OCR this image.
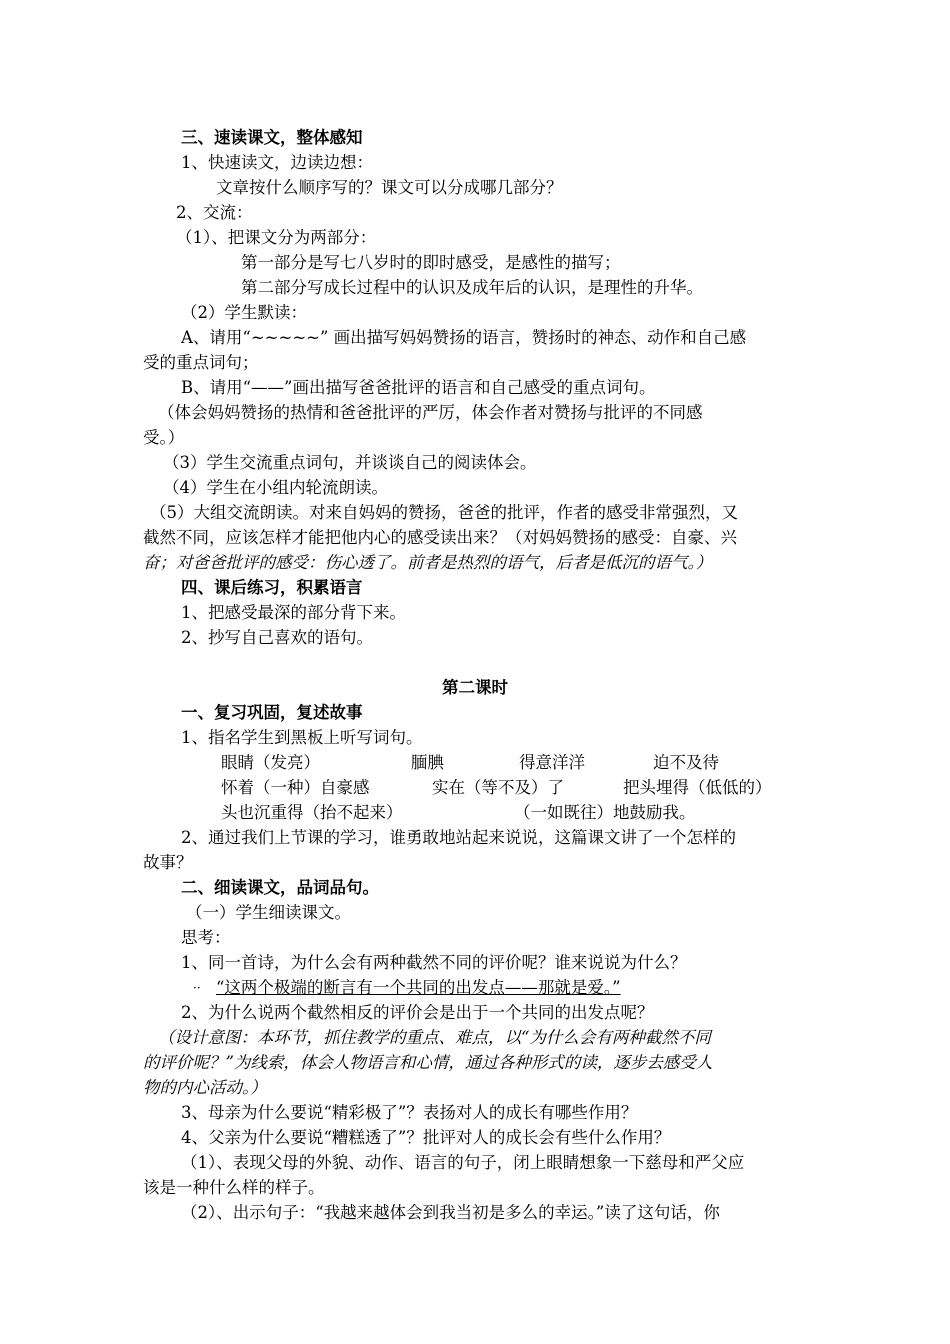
三、速读课文，整体感知
1、快速读文，边读边想：
文章按什么顺序写的？课文可以分成哪几部分？
2、交流：
（1）、把课文分为两部分：
第一部分是写七八岁时的即时感受，是感性的描写；
第二部分写成长过程中的认识及成年后的认识，是理性的升华。
（2）学生默读：
A、请用“~~~~~” 画出描写妈妈赞扬的语言，赞扬时的神态、动作和自己感
受的重点词句；
B、请用“——”画出描写爸爸批评的语言和自己感受的重点词句。
（体会妈妈赞扬的热情和爸爸批评的严厉，体会作者对赞扬与批评的不同感
受。）
（3）学生交流重点词句，并谈谈自己的阅读体会。
（4）学生在小组内轮流朗读。
（5）大组交流朗读。对来自妈妈的赞扬，爸爸的批评，作者的感受非常强烈，又
截然不同，应该怎样才能把他内心的感受读出来？（对妈妈赞扬的感受：自豪、兴
奋；对爸爸批评的感受：伤心透了。前者是热烈的语气，后者是低沉的语气。）
四、课后练习，积累语言
1、把感受最深的部分背下来。
2、抄写自己喜欢的语句。
第二课时
一、复习巩固，复述故事
1、指名学生到黑板上听写词句。
眼睛（发亮）	腼腆	得意洋洋	迫不及待
怀着（一种）自豪感	实在（等不及）了	把头埋得（低低的）
头也沉重得（抬不起来）	（一如既往）地鼓励我。
2、通过我们上节课的学习，谁勇敢地站起来说说，这篇课文讲了一个怎样的
故事？
二、细读课文，品词品句。
（一）学生细读课文。
思考：
1、同一首诗，为什么会有两种截然不同的评价呢？谁来说说为什么？
·· “这两个极端的断言有一个共同的出发点——那就是爱。”
2、为什么说两个截然相反的评价会是出于一个共同的出发点呢？
（设计意图：本环节，抓住教学的重点、难点，以“为什么会有两种截然不同
的评价呢？”为线索，体会人物语言和心情，通过各种形式的读，逐步去感受人
物的内心活动。）
3、母亲为什么要说“精彩极了”？表扬对人的成长有哪些作用？
4、父亲为什么要说“糟糕透了”？批评对人的成长会有些什么作用？
（1）、表现父母的外貌、动作、语言的句子，闭上眼睛想象一下慈母和严父应
该是一种什么样的样子。
（2）、出示句子：“我越来越体会到我当初是多么的幸运。”读了这句话，你
